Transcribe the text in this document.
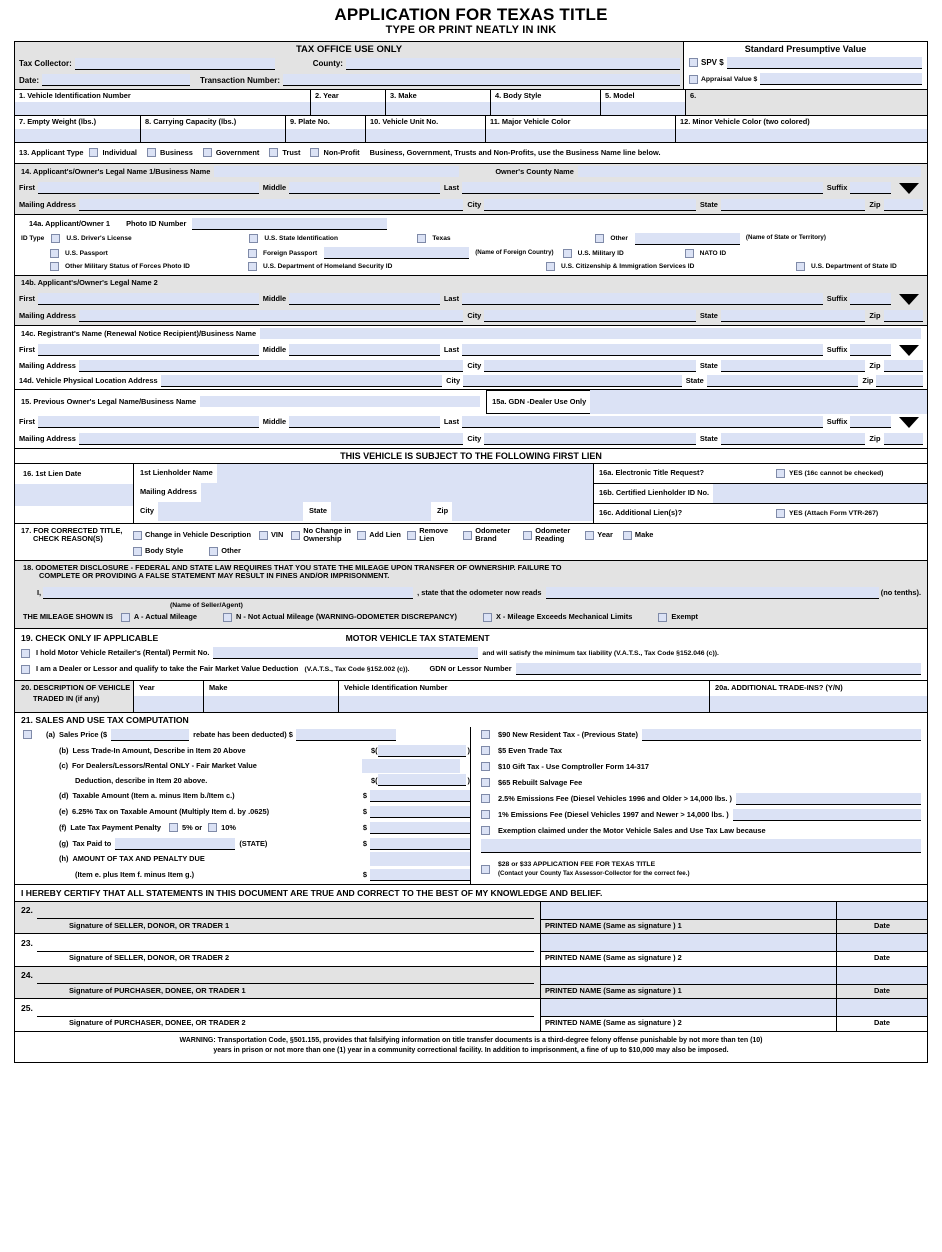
APPLICATION FOR TEXAS TITLE
TYPE OR PRINT NEATLY IN INK
TAX OFFICE USE ONLY
Tax Collector:	County:
Date:	Transaction Number:
Standard Presumptive Value
SPV $
Appraisal Value $
1. Vehicle Identification Number	2. Year	3. Make	4. Body Style	5. Model	6.
7. Empty Weight (lbs.)	8. Carrying Capacity (lbs.)	9. Plate No.	10. Vehicle Unit No.	11. Major Vehicle Color	12. Minor Vehicle Color (two colored)
13. Applicant Type	Individual	Business	Government	Trust	Non-Profit	Business, Government, Trusts and Non-Profits, use the Business Name line below.
14. Applicant's/Owner's Legal Name 1/Business Name	Owner's County Name
First	Middle	Last	Suffix
Mailing Address	City	State	Zip
14a. Applicant/Owner 1	Photo ID Number
ID Type	U.S. Driver's License	U.S. State Identification	Texas	Other	(Name of State or Territory)
U.S. Passport	Foreign Passport	(Name of Foreign Country)	U.S. Military ID	NATO ID
Other Military Status of Forces Photo ID	U.S. Department of Homeland Security ID	U.S. Citizenship & Immigration Services ID	U.S. Department of State ID
14b. Applicant's/Owner's Legal Name 2
First	Middle	Last	Suffix
Mailing Address	City	State	Zip
14c. Registrant's Name (Renewal Notice Recipient)/Business Name
First	Middle	Last	Suffix
Mailing Address	City	State	Zip
14d. Vehicle Physical Location Address	City	State	Zip
15. Previous Owner's Legal Name/Business Name	15a. GDN -Dealer Use Only
First	Middle	Last	Suffix
Mailing Address	City	State	Zip
THIS VEHICLE IS SUBJECT TO THE FOLLOWING FIRST LIEN
16. 1st Lien Date	1st Lienholder Name
Mailing Address
City	State	Zip
16a. Electronic Title Request?	YES (16c cannot be checked)
16b. Certified Lienholder ID No.
16c. Additional Lien(s)?	YES (Attach Form VTR-267)
17. FOR CORRECTED TITLE,
CHECK REASON(S)	Change in Vehicle Description	VIN	No Change in Ownership	Add Lien	Remove Lien
Odometer Brand
Odometer Reading	Year	Make
Body Style	Other
18. ODOMETER DISCLOSURE - FEDERAL AND STATE LAW REQUIRES THAT YOU STATE THE MILEAGE UPON TRANSFER OF OWNERSHIP. FAILURE TO
COMPLETE OR PROVIDING A FALSE STATEMENT MAY RESULT IN FINES AND/OR IMPRISONMENT.
I,	, state that the odometer now reads	(no tenths).
(Name of Seller/Agent)
THE MILEAGE SHOWN IS	A - Actual Mileage	N - Not Actual Mileage (WARNING-ODOMETER DISCREPANCY)	X - Mileage Exceeds Mechanical Limits	Exempt
19. CHECK ONLY IF APPLICABLE	MOTOR VEHICLE TAX STATEMENT
I hold Motor Vehicle Retailer's (Rental) Permit No.	and will satisfy the minimum tax liability (V.A.T.S., Tax Code §152.046 (c)).
I am a Dealer or Lessor and qualify to take the Fair Market Value Deduction (V.A.T.S., Tax Code §152.002 (c)).	GDN or Lessor Number
20. DESCRIPTION OF VEHICLE
TRADED IN (if any)
Year	Make	Vehicle Identification Number	20a. ADDITIONAL TRADE-INS? (Y/N)
21. SALES AND USE TAX COMPUTATION
(a) Sales Price ($	rebate has been deducted) $
(b) Less Trade-In Amount, Describe in Item 20 Above	$(	)
(c) For Dealers/Lessors/Rental ONLY - Fair Market Value
Deduction, describe in Item 20 above.	$(	)
(d) Taxable Amount (Item a. minus Item b./Item c.)	$
(e) 6.25% Tax on Taxable Amount (Multiply Item d. by .0625)	$
(f) Late Tax Payment Penalty	5% or	10%	$
(g) Tax Paid to	(STATE)	$
(h) AMOUNT OF TAX AND PENALTY DUE
(Item e. plus Item f. minus Item g.)	$
$90 New Resident Tax - (Previous State)
$5 Even Trade Tax
$10 Gift Tax - Use Comptroller Form 14-317
$65 Rebuilt Salvage Fee
2.5% Emissions Fee (Diesel Vehicles 1996 and Older > 14,000 lbs. )
1% Emissions Fee (Diesel Vehicles 1997 and Newer > 14,000 lbs. )
Exemption claimed under the Motor Vehicle Sales and Use Tax Law because
$28 or $33 APPLICATION FEE FOR TEXAS TITLE
(Contact your County Tax Assessor-Collector for the correct fee.)
I HEREBY CERTIFY THAT ALL STATEMENTS IN THIS DOCUMENT ARE TRUE AND CORRECT TO THE BEST OF MY KNOWLEDGE AND BELIEF.
22.
Signature of SELLER, DONOR, OR TRADER 1	PRINTED NAME (Same as signature ) 1	Date
23.
Signature of SELLER, DONOR, OR TRADER 2	PRINTED NAME (Same as signature ) 2	Date
24.
Signature of PURCHASER, DONEE, OR TRADER 1	PRINTED NAME (Same as signature ) 1	Date
25.
Signature of PURCHASER, DONEE, OR TRADER 2	PRINTED NAME (Same as signature ) 2	Date
WARNING: Transportation Code, §501.155, provides that falsifying information on title transfer documents is a third-degree felony offense punishable by not more than ten (10)
years in prison or not more than one (1) year in a community correctional facility. In addition to imprisonment, a fine of up to $10,000 may also be imposed.
